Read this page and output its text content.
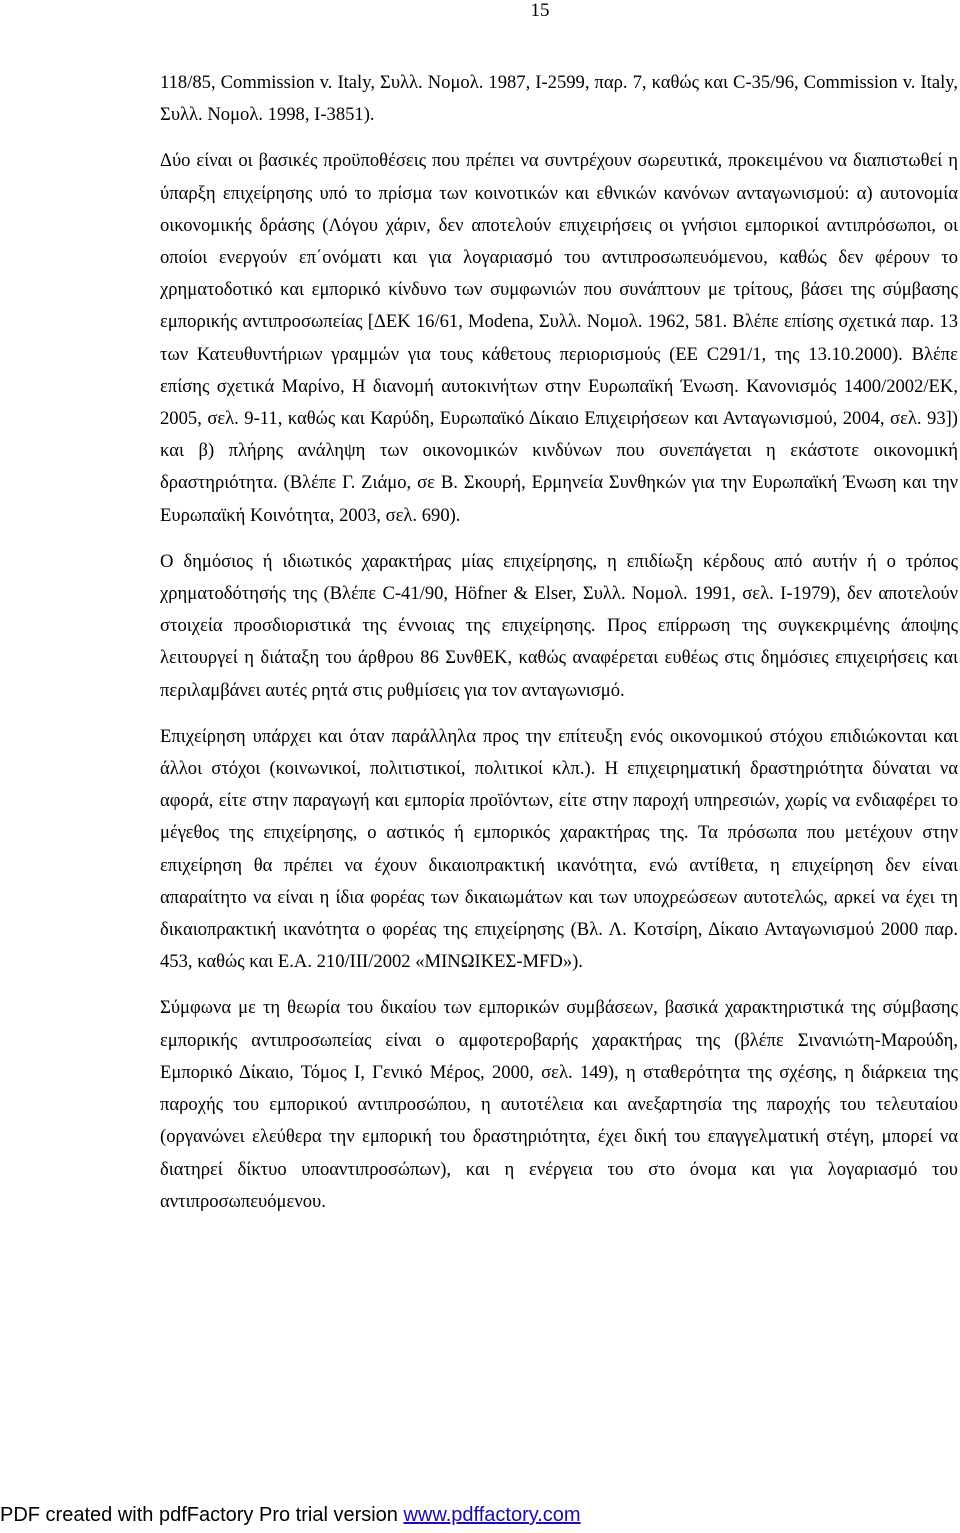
15

118/85, Commission v. Italy, Συλλ. Νομολ. 1987, I-2599, παρ. 7, καθώς και C-35/96, Commission v. Italy, Συλλ. Νομολ. 1998, I-3851).

Δύο είναι οι βασικές προϋποθέσεις που πρέπει να συντρέχουν σωρευτικά, προκειμένου να διαπιστωθεί η ύπαρξη επιχείρησης υπό το πρίσμα των κοινοτικών και εθνικών κανόνων ανταγωνισμού: α) αυτονομία οικονομικής δράσης (Λόγου χάριν, δεν αποτελούν επιχειρήσεις οι γνήσιοι εμπορικοί αντιπρόσωποι, οι οποίοι ενεργούν επ΄ονόματι και για λογαριασμό του αντιπροσωπευόμενου, καθώς δεν φέρουν το χρηματοδοτικό και εμπορικό κίνδυνο των συμφωνιών που συνάπτουν με τρίτους, βάσει της σύμβασης εμπορικής αντιπροσωπείας [ΔΕΚ 16/61, Modena, Συλλ. Νομολ. 1962, 581. Βλέπε επίσης σχετικά παρ. 13 των Κατευθυντήριων γραμμών για τους κάθετους περιορισμούς (ΕΕ C291/1, της 13.10.2000). Βλέπε επίσης σχετικά Μαρίνο, Η διανομή αυτοκινήτων στην Ευρωπαϊκή Ένωση. Κανονισμός 1400/2002/ΕΚ, 2005, σελ. 9-11, καθώς και Καρύδη, Ευρωπαϊκό Δίκαιο Επιχειρήσεων και Ανταγωνισμού, 2004, σελ. 93]) και β) πλήρης ανάληψη των οικονομικών κινδύνων που συνεπάγεται η εκάστοτε οικονομική δραστηριότητα. (Βλέπε Γ. Ζιάμο, σε Β. Σκουρή, Ερμηνεία Συνθηκών για την Ευρωπαϊκή Ένωση και την Ευρωπαϊκή Κοινότητα, 2003, σελ. 690).

Ο δημόσιος ή ιδιωτικός χαρακτήρας μίας επιχείρησης, η επιδίωξη κέρδους από αυτήν ή ο τρόπος χρηματοδότησής της (Βλέπε C-41/90, Höfner & Elser, Συλλ. Νομολ. 1991, σελ. I-1979), δεν αποτελούν στοιχεία προσδιοριστικά της έννοιας της επιχείρησης. Προς επίρρωση της συγκεκριμένης άποψης λειτουργεί η διάταξη του άρθρου 86 ΣυνθΕΚ, καθώς αναφέρεται ευθέως στις δημόσιες επιχειρήσεις και περιλαμβάνει αυτές ρητά στις ρυθμίσεις για τον ανταγωνισμό.

Επιχείρηση υπάρχει και όταν παράλληλα προς την επίτευξη ενός οικονομικού στόχου επιδιώκονται και άλλοι στόχοι (κοινωνικοί, πολιτιστικοί, πολιτικοί κλπ.). Η επιχειρηματική δραστηριότητα δύναται να αφορά, είτε στην παραγωγή και εμπορία προϊόντων, είτε στην παροχή υπηρεσιών, χωρίς να ενδιαφέρει το μέγεθος της επιχείρησης, ο αστικός ή εμπορικός χαρακτήρας της. Τα πρόσωπα που μετέχουν στην επιχείρηση θα πρέπει να έχουν δικαιοπρακτική ικανότητα, ενώ αντίθετα, η επιχείρηση δεν είναι απαραίτητο να είναι η ίδια φορέας των δικαιωμάτων και των υποχρεώσεων αυτοτελώς, αρκεί να έχει τη δικαιοπρακτική ικανότητα ο φορέας της επιχείρησης (Βλ. Λ. Κοτσίρη, Δίκαιο Ανταγωνισμού 2000 παρ. 453, καθώς και Ε.Α. 210/ΙΙΙ/2002 «ΜΙΝΩΙΚΕΣ-MFD»).

Σύμφωνα με τη θεωρία του δικαίου των εμπορικών συμβάσεων, βασικά χαρακτηριστικά της σύμβασης εμπορικής αντιπροσωπείας είναι ο αμφοτεροβαρής χαρακτήρας της (βλέπε Σινανιώτη-Μαρούδη, Εμπορικό Δίκαιο, Τόμος Ι, Γενικό Μέρος, 2000, σελ. 149), η σταθερότητα της σχέσης, η διάρκεια της παροχής του εμπορικού αντιπροσώπου, η αυτοτέλεια και ανεξαρτησία της παροχής του τελευταίου (οργανώνει ελεύθερα την εμπορική του δραστηριότητα, έχει δική του επαγγελματική στέγη, μπορεί να διατηρεί δίκτυο υποαντιπροσώπων), και η ενέργεια του στο όνομα και για λογαριασμό του αντιπροσωπευόμενου.

PDF created with pdfFactory Pro trial version www.pdffactory.com
